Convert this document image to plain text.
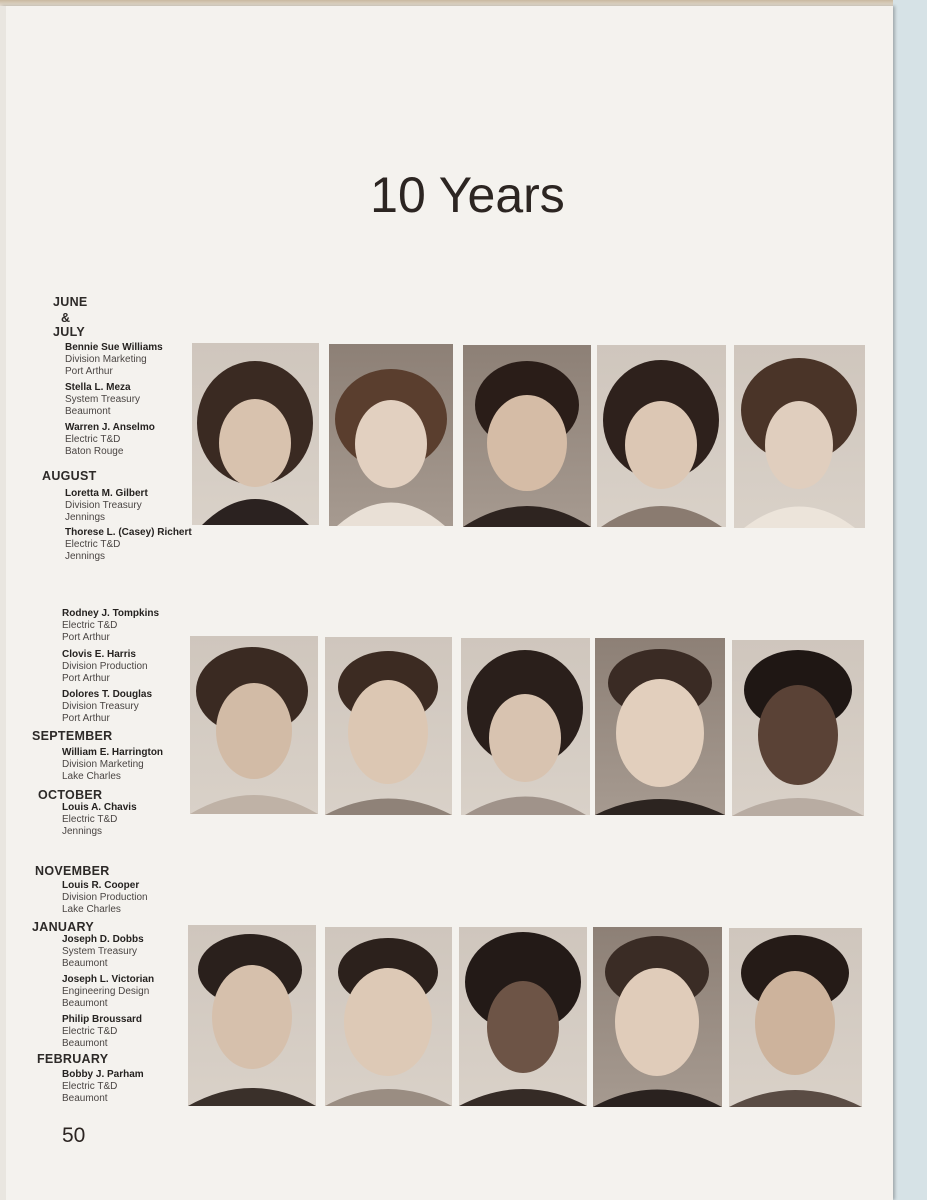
10 Years
JUNE
&
JULY
AUGUST
SEPTEMBER
OCTOBER
NOVEMBER
JANUARY
FEBRUARY
Bennie Sue Williams
Division Marketing
Port Arthur
Stella L. Meza
System Treasury
Beaumont
Warren J. Anselmo
Electric T&D
Baton Rouge
Loretta M. Gilbert
Division Treasury
Jennings
Thorese L. (Casey) Richert
Electric T&D
Jennings
Rodney J. Tompkins
Electric T&D
Port Arthur
Clovis E. Harris
Division Production
Port Arthur
Dolores T. Douglas
Division Treasury
Port Arthur
William E. Harrington
Division Marketing
Lake Charles
Louis A. Chavis
Electric T&D
Jennings
Louis R. Cooper
Division Production
Lake Charles
Joseph D. Dobbs
System Treasury
Beaumont
Joseph L. Victorian
Engineering Design
Beaumont
Philip Broussard
Electric T&D
Beaumont
Bobby J. Parham
Electric T&D
Beaumont
50
